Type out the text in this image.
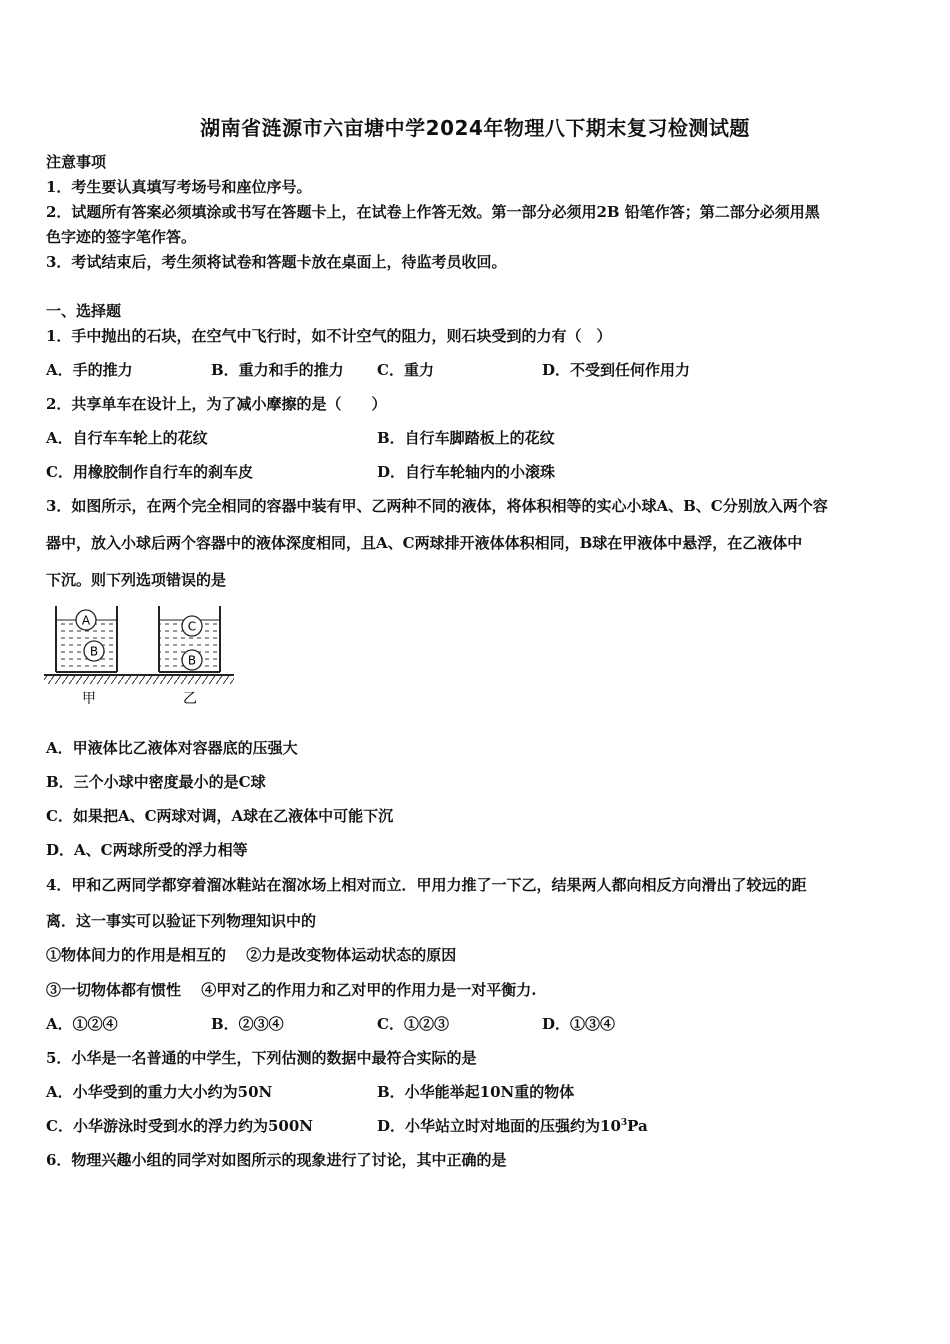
湖南省涟源市六亩塘中学2024年物理八下期末复习检测试题
注意事项
1．考生要认真填写考场号和座位序号。
2．试题所有答案必须填涂或书写在答题卡上，在试卷上作答无效。第一部分必须用2B 铅笔作答；第二部分必须用黑
色字迹的签字笔作答。
3．考试结束后，考生须将试卷和答题卡放在桌面上，待监考员收回。
一、选择题
1．手中抛出的石块，在空气中飞行时，如不计空气的阻力，则石块受到的力有（　）
A．手的推力	B．重力和手的推力 C．重力	D．不受到任何作用力
2．共享单车在设计上，为了减小摩擦的是（　　）
A．自行车车轮上的花纹	B．自行车脚踏板上的花纹
C．用橡胶制作自行车的刹车皮	D．自行车轮轴内的小滚珠
3．如图所示，在两个完全相同的容器中装有甲、乙两种不同的液体，将体积相等的实心小球A、B、C分别放入两个容
器中，放入小球后两个容器中的液体深度相同，且A、C两球排开液体体积相同，B球在甲液体中悬浮，在乙液体中
下沉。则下列选项错误的是
A
B
C
B
甲	乙
A．甲液体比乙液体对容器底的压强大
B．三个小球中密度最小的是C球
C．如果把A、C两球对调，A球在乙液体中可能下沉
D．A、C两球所受的浮力相等
4．甲和乙两同学都穿着溜冰鞋站在溜冰场上相对而立．甲用力推了一下乙，结果两人都向相反方向滑出了较远的距
离．这一事实可以验证下列物理知识中的
①物体间力的作用是相互的　 ②力是改变物体运动状态的原因
③一切物体都有惯性　 ④甲对乙的作用力和乙对甲的作用力是一对平衡力.
A．①②④	B．②③④	C．①②③	D．①③④
5．小华是一名普通的中学生，下列估测的数据中最符合实际的是
A．小华受到的重力大小约为50N	B．小华能举起10N重的物体
C．小华游泳时受到水的浮力约为500N	D．小华站立时对地面的压强约为$10^3Pa$
6．物理兴趣小组的同学对如图所示的现象进行了讨论，其中正确的是
